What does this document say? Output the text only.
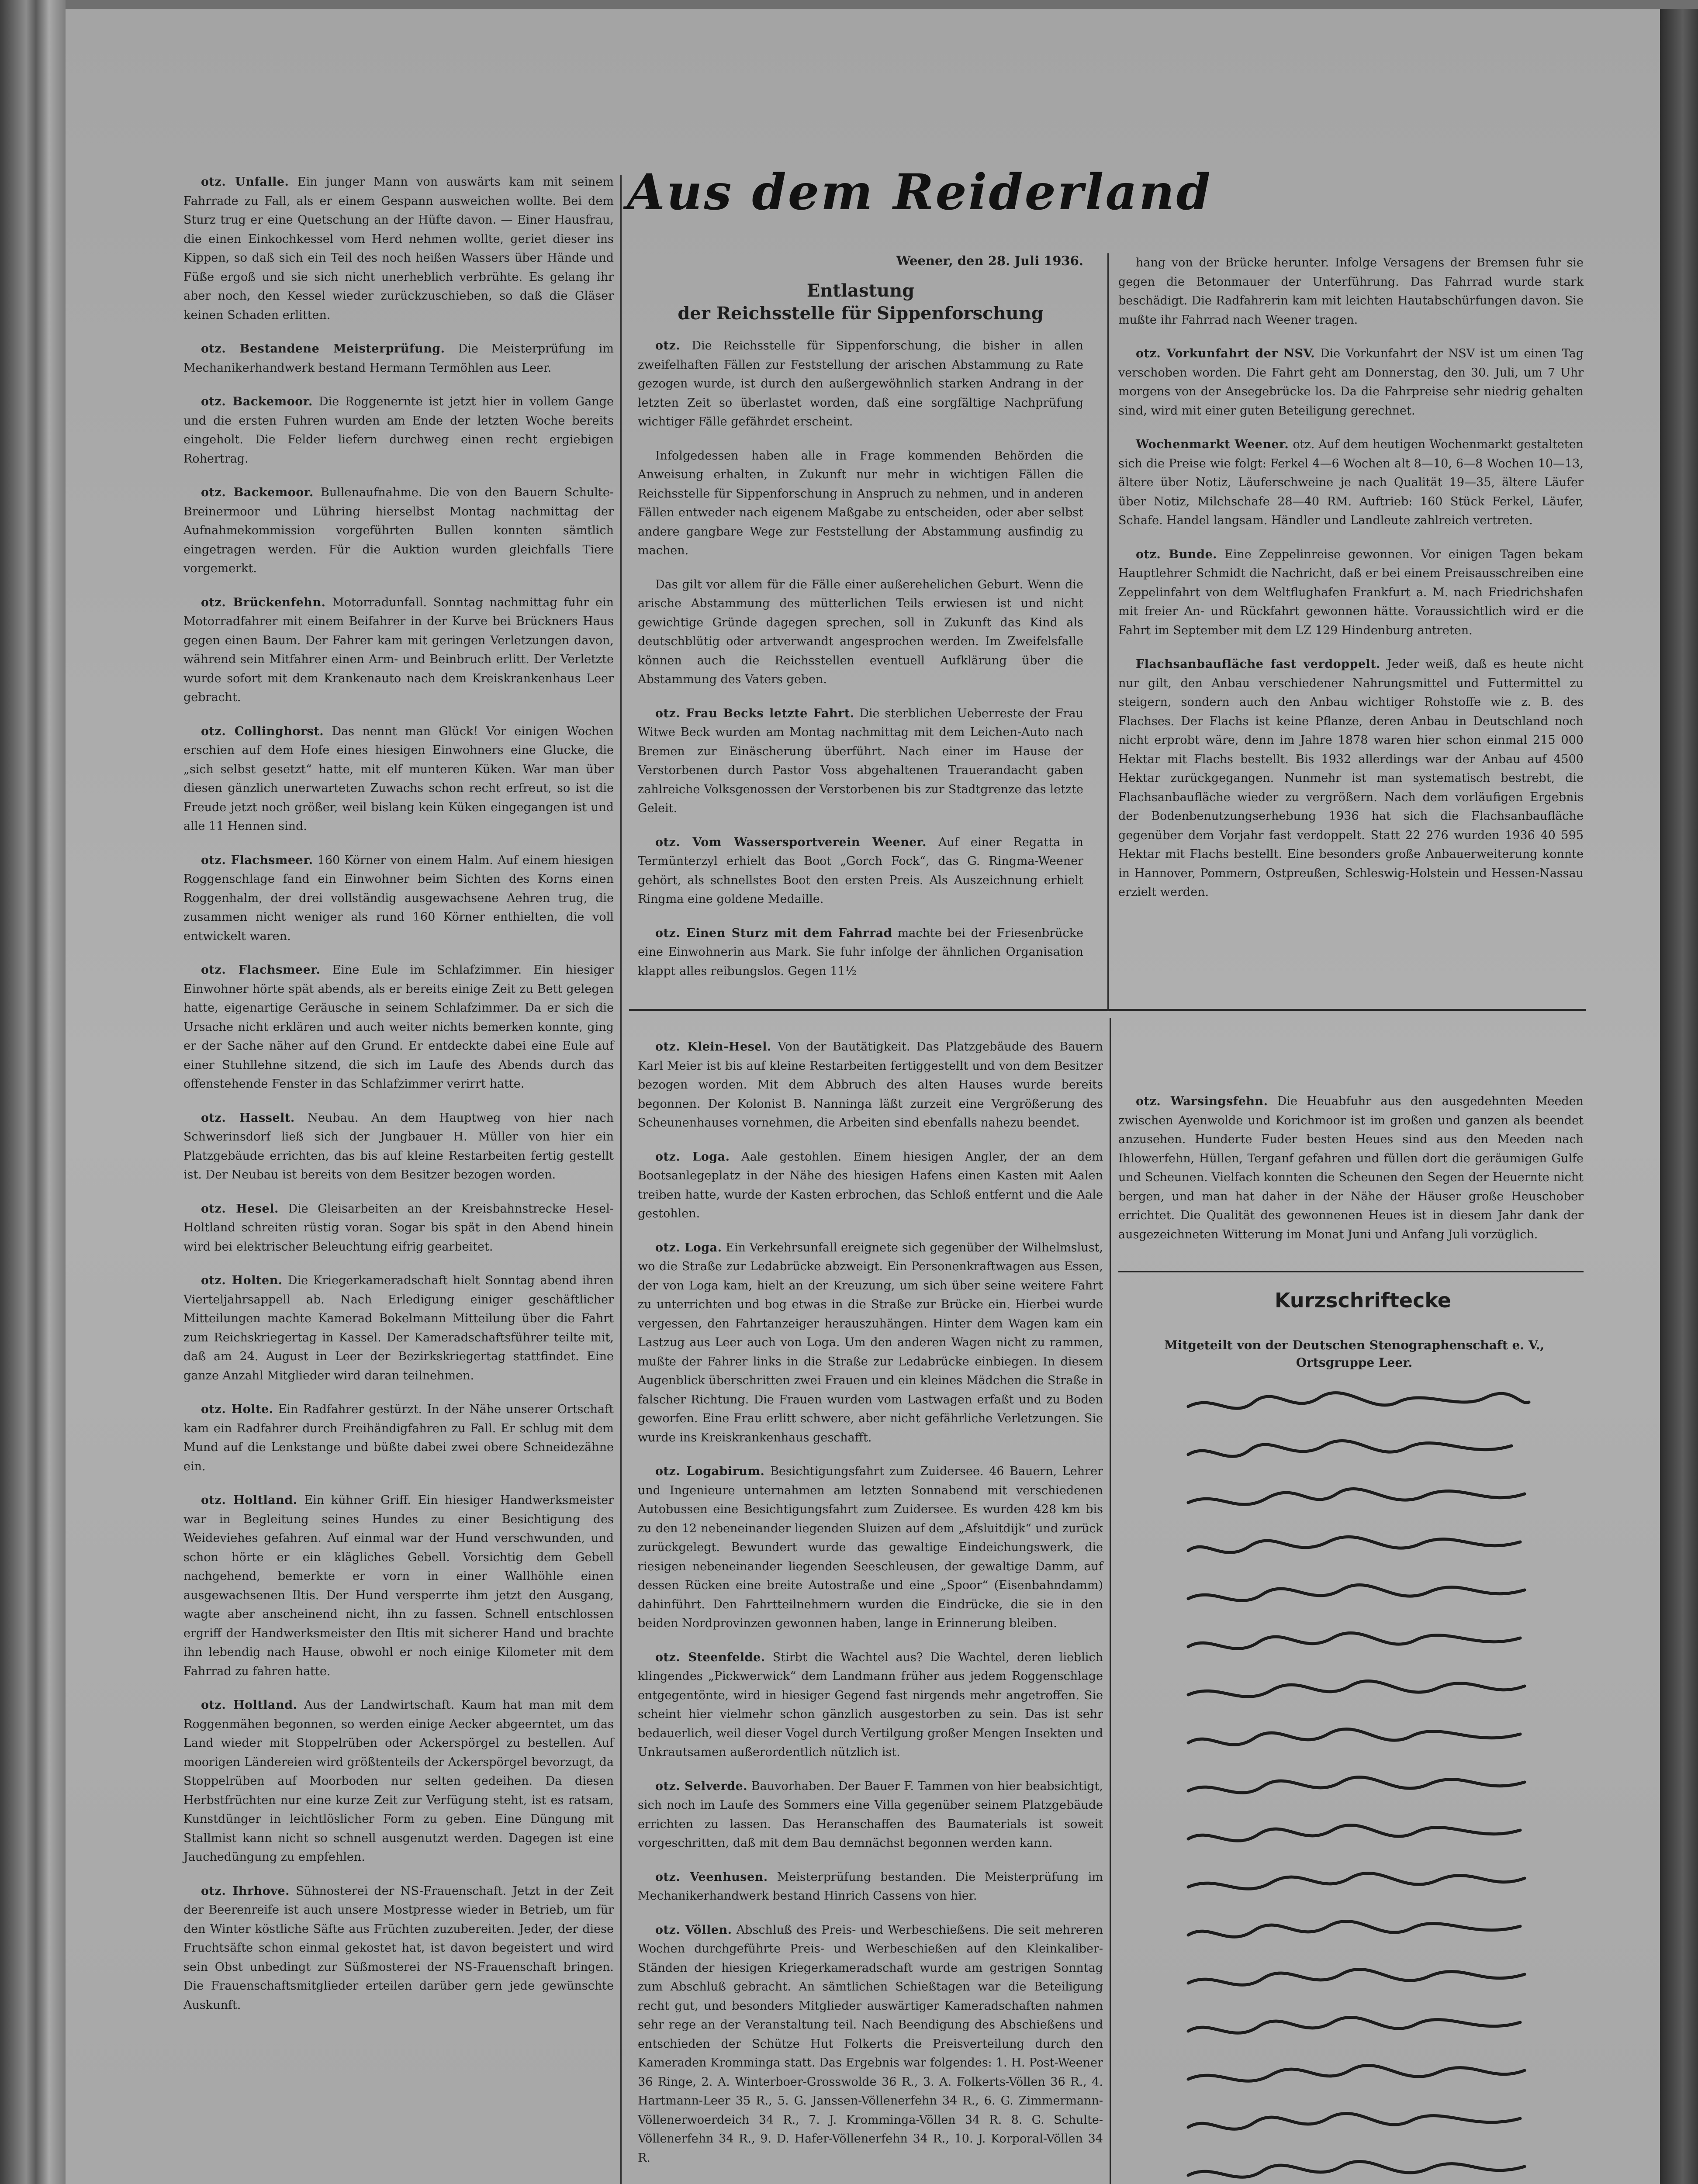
otz. Unfalle. Ein junger Mann von auswärts kam mit seinem Fahrrade zu Fall, als er einem Gespann ausweichen wollte. Bei dem Sturz trug er eine Quetschung an der Hüfte davon. — Einer Hausfrau, die einen Einkochkessel vom Herd nehmen wollte, geriet dieser ins Kippen, so daß sich ein Teil des noch heißen Wassers über Hände und Füße ergoß und sie sich nicht unerheblich verbrühte. Es gelang ihr aber noch, den Kessel wieder zurückzuschieben, so daß die Gläser keinen Schaden erlitten.

otz. Bestandene Meisterprüfung. Die Meisterprüfung im Mechanikerhandwerk bestand Hermann Termöhlen aus Leer.

otz. Backemoor. Die Roggenernte ist jetzt hier in vollem Gange und die ersten Fuhren wurden am Ende der letzten Woche bereits eingeholt. Die Felder liefern durchweg einen recht ergiebigen Rohertrag.

otz. Backemoor. Bullenaufnahme. Die von den Bauern Schulte-Breinermoor und Lühring hierselbst Montag nachmittag der Aufnahmekommission vorgeführten Bullen konnten sämtlich eingetragen werden. Für die Auktion wurden gleichfalls Tiere vorgemerkt.

otz. Brückenfehn. Motorradunfall. Sonntag nachmittag fuhr ein Motorradfahrer mit einem Beifahrer in der Kurve bei Brückners Haus gegen einen Baum. Der Fahrer kam mit geringen Verletzungen davon, während sein Mitfahrer einen Arm- und Beinbruch erlitt. Der Verletzte wurde sofort mit dem Krankenauto nach dem Kreiskrankenhaus Leer gebracht.

otz. Collinghorst. Das nennt man Glück! Vor einigen Wochen erschien auf dem Hofe eines hiesigen Einwohners eine Glucke, die „sich selbst gesetzt“ hatte, mit elf munteren Küken. War man über diesen gänzlich unerwarteten Zuwachs schon recht erfreut, so ist die Freude jetzt noch größer, weil bislang kein Küken eingegangen ist und alle 11 Hennen sind.

otz. Flachsmeer. 160 Körner von einem Halm. Auf einem hiesigen Roggenschlage fand ein Einwohner beim Sichten des Korns einen Roggenhalm, der drei vollständig ausgewachsene Aehren trug, die zusammen nicht weniger als rund 160 Körner enthielten, die voll entwickelt waren.

otz. Flachsmeer. Eine Eule im Schlafzimmer. Ein hiesiger Einwohner hörte spät abends, als er bereits einige Zeit zu Bett gelegen hatte, eigenartige Geräusche in seinem Schlafzimmer. Da er sich die Ursache nicht erklären und auch weiter nichts bemerken konnte, ging er der Sache näher auf den Grund. Er entdeckte dabei eine Eule auf einer Stuhllehne sitzend, die sich im Laufe des Abends durch das offenstehende Fenster in das Schlafzimmer verirrt hatte.

otz. Hasselt. Neubau. An dem Hauptweg von hier nach Schwerinsdorf ließ sich der Jungbauer H. Müller von hier ein Platzgebäude errichten, das bis auf kleine Restarbeiten fertig gestellt ist. Der Neubau ist bereits von dem Besitzer bezogen worden.

otz. Hesel. Die Gleisarbeiten an der Kreisbahnstrecke Hesel-Holtland schreiten rüstig voran. Sogar bis spät in den Abend hinein wird bei elektrischer Beleuchtung eifrig gearbeitet.

otz. Holten. Die Kriegerkameradschaft hielt Sonntag abend ihren Vierteljahrsappell ab. Nach Erledigung einiger geschäftlicher Mitteilungen machte Kamerad Bokelmann Mitteilung über die Fahrt zum Reichskriegertag in Kassel. Der Kameradschaftsführer teilte mit, daß am 24. August in Leer der Bezirkskriegertag stattfindet. Eine ganze Anzahl Mitglieder wird daran teilnehmen.

otz. Holte. Ein Radfahrer gestürzt. In der Nähe unserer Ortschaft kam ein Radfahrer durch Freihändigfahren zu Fall. Er schlug mit dem Mund auf die Lenkstange und büßte dabei zwei obere Schneidezähne ein.

otz. Holtland. Ein kühner Griff. Ein hiesiger Handwerksmeister war in Begleitung seines Hundes zu einer Besichtigung des Weideviehes gefahren. Auf einmal war der Hund verschwunden, und schon hörte er ein klägliches Gebell. Vorsichtig dem Gebell nachgehend, bemerkte er vorn in einer Wallhöhle einen ausgewachsenen Iltis. Der Hund versperrte ihm jetzt den Ausgang, wagte aber anscheinend nicht, ihn zu fassen. Schnell entschlossen ergriff der Handwerksmeister den Iltis mit sicherer Hand und brachte ihn lebendig nach Hause, obwohl er noch einige Kilometer mit dem Fahrrad zu fahren hatte.

otz. Holtland. Aus der Landwirtschaft. Kaum hat man mit dem Roggenmähen begonnen, so werden einige Aecker abgeerntet, um das Land wieder mit Stoppelrüben oder Ackerspörgel zu bestellen. Auf moorigen Ländereien wird größtenteils der Ackerspörgel bevorzugt, da Stoppelrüben auf Moorboden nur selten gedeihen. Da diesen Herbstfrüchten nur eine kurze Zeit zur Verfügung steht, ist es ratsam, Kunstdünger in leichtlöslicher Form zu geben. Eine Düngung mit Stallmist kann nicht so schnell ausgenutzt werden. Dagegen ist eine Jauchedüngung zu empfehlen.

otz. Ihrhove. Sühnosterei der NS-Frauenschaft. Jetzt in der Zeit der Beerenreife ist auch unsere Mostpresse wieder in Betrieb, um für den Winter köstliche Säfte aus Früchten zuzubereiten. Jeder, der diese Fruchtsäfte schon einmal gekostet hat, ist davon begeistert und wird sein Obst unbedingt zur Süßmosterei der NS-Frauenschaft bringen. Die Frauenschaftsmitglieder erteilen darüber gern jede gewünschte Auskunft.

Aus dem Reiderland
Weener, den 28. Juli 1936.
Entlastung
der Reichsstelle für Sippenforschung

otz. Die Reichsstelle für Sippenforschung, die bisher in allen zweifelhaften Fällen zur Feststellung der arischen Abstammung zu Rate gezogen wurde, ist durch den außergewöhnlich starken Andrang in der letzten Zeit so überlastet worden, daß eine sorgfältige Nachprüfung wichtiger Fälle gefährdet erscheint.

Infolgedessen haben alle in Frage kommenden Behörden die Anweisung erhalten, in Zukunft nur mehr in wichtigen Fällen die Reichsstelle für Sippenforschung in Anspruch zu nehmen, und in anderen Fällen entweder nach eigenem Maßgabe zu entscheiden, oder aber selbst andere gangbare Wege zur Feststellung der Abstammung ausfindig zu machen.

Das gilt vor allem für die Fälle einer außerehelichen Geburt. Wenn die arische Abstammung des mütterlichen Teils erwiesen ist und nicht gewichtige Gründe dagegen sprechen, soll in Zukunft das Kind als deutschblütig oder artverwandt angesprochen werden. Im Zweifelsfalle können auch die Reichsstellen eventuell Aufklärung über die Abstammung des Vaters geben.

otz. Frau Becks letzte Fahrt. Die sterblichen Ueberreste der Frau Witwe Beck wurden am Montag nachmittag mit dem Leichen-Auto nach Bremen zur Einäscherung überführt. Nach einer im Hause der Verstorbenen durch Pastor Voss abgehaltenen Trauerandacht gaben zahlreiche Volksgenossen der Verstorbenen bis zur Stadtgrenze das letzte Geleit.

otz. Vom Wassersportverein Weener. Auf einer Regatta in Termünterzyl erhielt das Boot „Gorch Fock“, das G. Ringma-Weener gehört, als schnellstes Boot den ersten Preis. Als Auszeichnung erhielt Ringma eine goldene Medaille.

otz. Einen Sturz mit dem Fahrrad machte bei der Friesenbrücke eine Einwohnerin aus Mark. Sie fuhr infolge der ähnlichen Organisation klappt alles reibungslos. Gegen 11½

hang von der Brücke herunter. Infolge Versagens der Bremsen fuhr sie gegen die Betonmauer der Unterführung. Das Fahrrad wurde stark beschädigt. Die Radfahrerin kam mit leichten Hautabschürfungen davon. Sie mußte ihr Fahrrad nach Weener tragen.

otz. Vorkunfahrt der NSV. Die Vorkunfahrt der NSV ist um einen Tag verschoben worden. Die Fahrt geht am Donnerstag, den 30. Juli, um 7 Uhr morgens von der Ansegebrücke los. Da die Fahrpreise sehr niedrig gehalten sind, wird mit einer guten Beteiligung gerechnet.

Wochenmarkt Weener. otz. Auf dem heutigen Wochenmarkt gestalteten sich die Preise wie folgt: Ferkel 4—6 Wochen alt 8—10, 6—8 Wochen 10—13, ältere über Notiz, Läuferschweine je nach Qualität 19—35, ältere Läufer über Notiz, Milchschafe 28—40 RM. Auftrieb: 160 Stück Ferkel, Läufer, Schafe. Handel langsam. Händler und Landleute zahlreich vertreten.

otz. Bunde. Eine Zeppelinreise gewonnen. Vor einigen Tagen bekam Hauptlehrer Schmidt die Nachricht, daß er bei einem Preisausschreiben eine Zeppelinfahrt von dem Weltflughafen Frankfurt a. M. nach Friedrichshafen mit freier An- und Rückfahrt gewonnen hätte. Voraussichtlich wird er die Fahrt im September mit dem LZ 129 Hindenburg antreten.

Flachsanbaufläche fast verdoppelt. Jeder weiß, daß es heute nicht nur gilt, den Anbau verschiedener Nahrungsmittel und Futtermittel zu steigern, sondern auch den Anbau wichtiger Rohstoffe wie z. B. des Flachses. Der Flachs ist keine Pflanze, deren Anbau in Deutschland noch nicht erprobt wäre, denn im Jahre 1878 waren hier schon einmal 215 000 Hektar mit Flachs bestellt. Bis 1932 allerdings war der Anbau auf 4500 Hektar zurückgegangen. Nunmehr ist man systematisch bestrebt, die Flachsanbaufläche wieder zu vergrößern. Nach dem vorläufigen Ergebnis der Bodenbenutzungserhebung 1936 hat sich die Flachsanbaufläche gegenüber dem Vorjahr fast verdoppelt. Statt 22 276 wurden 1936 40 595 Hektar mit Flachs bestellt. Eine besonders große Anbauerweiterung konnte in Hannover, Pommern, Ostpreußen, Schleswig-Holstein und Hessen-Nassau erzielt werden.

otz. Klein-Hesel. Von der Bautätigkeit. Das Platzgebäude des Bauern Karl Meier ist bis auf kleine Restarbeiten fertiggestellt und von dem Besitzer bezogen worden. Mit dem Abbruch des alten Hauses wurde bereits begonnen. Der Kolonist B. Nanninga läßt zurzeit eine Vergrößerung des Scheunenhauses vornehmen, die Arbeiten sind ebenfalls nahezu beendet.

otz. Loga. Aale gestohlen. Einem hiesigen Angler, der an dem Bootsanlegeplatz in der Nähe des hiesigen Hafens einen Kasten mit Aalen treiben hatte, wurde der Kasten erbrochen, das Schloß entfernt und die Aale gestohlen.

otz. Loga. Ein Verkehrsunfall ereignete sich gegenüber der Wilhelmslust, wo die Straße zur Ledabrücke abzweigt. Ein Personenkraftwagen aus Essen, der von Loga kam, hielt an der Kreuzung, um sich über seine weitere Fahrt zu unterrichten und bog etwas in die Straße zur Brücke ein. Hierbei wurde vergessen, den Fahrtanzeiger herauszuhängen. Hinter dem Wagen kam ein Lastzug aus Leer auch von Loga. Um den anderen Wagen nicht zu rammen, mußte der Fahrer links in die Straße zur Ledabrücke einbiegen. In diesem Augenblick überschritten zwei Frauen und ein kleines Mädchen die Straße in falscher Richtung. Die Frauen wurden vom Lastwagen erfaßt und zu Boden geworfen. Eine Frau erlitt schwere, aber nicht gefährliche Verletzungen. Sie wurde ins Kreiskrankenhaus geschafft.

otz. Logabirum. Besichtigungsfahrt zum Zuidersee. 46 Bauern, Lehrer und Ingenieure unternahmen am letzten Sonnabend mit verschiedenen Autobussen eine Besichtigungsfahrt zum Zuidersee. Es wurden 428 km bis zu den 12 nebeneinander liegenden Sluizen auf dem „Afsluitdijk“ und zurück zurückgelegt. Bewundert wurde das gewaltige Eindeichungswerk, die riesigen nebeneinander liegenden Seeschleusen, der gewaltige Damm, auf dessen Rücken eine breite Autostraße und eine „Spoor“ (Eisenbahndamm) dahinführt. Den Fahrtteilnehmern wurden die Eindrücke, die sie in den beiden Nordprovinzen gewonnen haben, lange in Erinnerung bleiben.

otz. Steenfelde. Stirbt die Wachtel aus? Die Wachtel, deren lieblich klingendes „Pickwerwick“ dem Landmann früher aus jedem Roggenschlage entgegentönte, wird in hiesiger Gegend fast nirgends mehr angetroffen. Sie scheint hier vielmehr schon gänzlich ausgestorben zu sein. Das ist sehr bedauerlich, weil dieser Vogel durch Vertilgung großer Mengen Insekten und Unkrautsamen außerordentlich nützlich ist.

otz. Selverde. Bauvorhaben. Der Bauer F. Tammen von hier beabsichtigt, sich noch im Laufe des Sommers eine Villa gegenüber seinem Platzgebäude errichten zu lassen. Das Heranschaffen des Baumaterials ist soweit vorgeschritten, daß mit dem Bau demnächst begonnen werden kann.

otz. Veenhusen. Meisterprüfung bestanden. Die Meisterprüfung im Mechanikerhandwerk bestand Hinrich Cassens von hier.

otz. Völlen. Abschluß des Preis- und Werbeschießens. Die seit mehreren Wochen durchgeführte Preis- und Werbeschießen auf den Kleinkaliber-Ständen der hiesigen Kriegerkameradschaft wurde am gestrigen Sonntag zum Abschluß gebracht. An sämtlichen Schießtagen war die Beteiligung recht gut, und besonders Mitglieder auswärtiger Kameradschaften nahmen sehr rege an der Veranstaltung teil. Nach Beendigung des Abschießens und entschieden der Schütze Hut Folkerts die Preisverteilung durch den Kameraden Kromminga statt. Das Ergebnis war folgendes: 1. H. Post-Weener 36 Ringe, 2. A. Winterboer-Grosswolde 36 R., 3. A. Folkerts-Völlen 36 R., 4. Hartmann-Leer 35 R., 5. G. Janssen-Völlenerfehn 34 R., 6. G. Zimmermann-Völlenerwoerdeich 34 R., 7. J. Kromminga-Völlen 34 R. 8. G. Schulte-Völlenerfehn 34 R., 9. D. Hafer-Völlenerfehn 34 R., 10. J. Korporal-Völlen 34 R.

otz. Warsingsfehn. Die Heuabfuhr aus den ausgedehnten Meeden zwischen Ayenwolde und Korichmoor ist im großen und ganzen als beendet anzusehen. Hunderte Fuder besten Heues sind aus den Meeden nach Ihlowerfehn, Hüllen, Terganf gefahren und füllen dort die geräumigen Gulfe und Scheunen. Vielfach konnten die Scheunen den Segen der Heuernte nicht bergen, und man hat daher in der Nähe der Häuser große Heuschober errichtet. Die Qualität des gewonnenen Heues ist in diesem Jahr dank der ausgezeichneten Witterung im Monat Juni und Anfang Juli vorzüglich.

Kurzschriftecke
Mitgeteilt von der Deutschen Stenographenschaft e. V., Ortsgruppe Leer.
